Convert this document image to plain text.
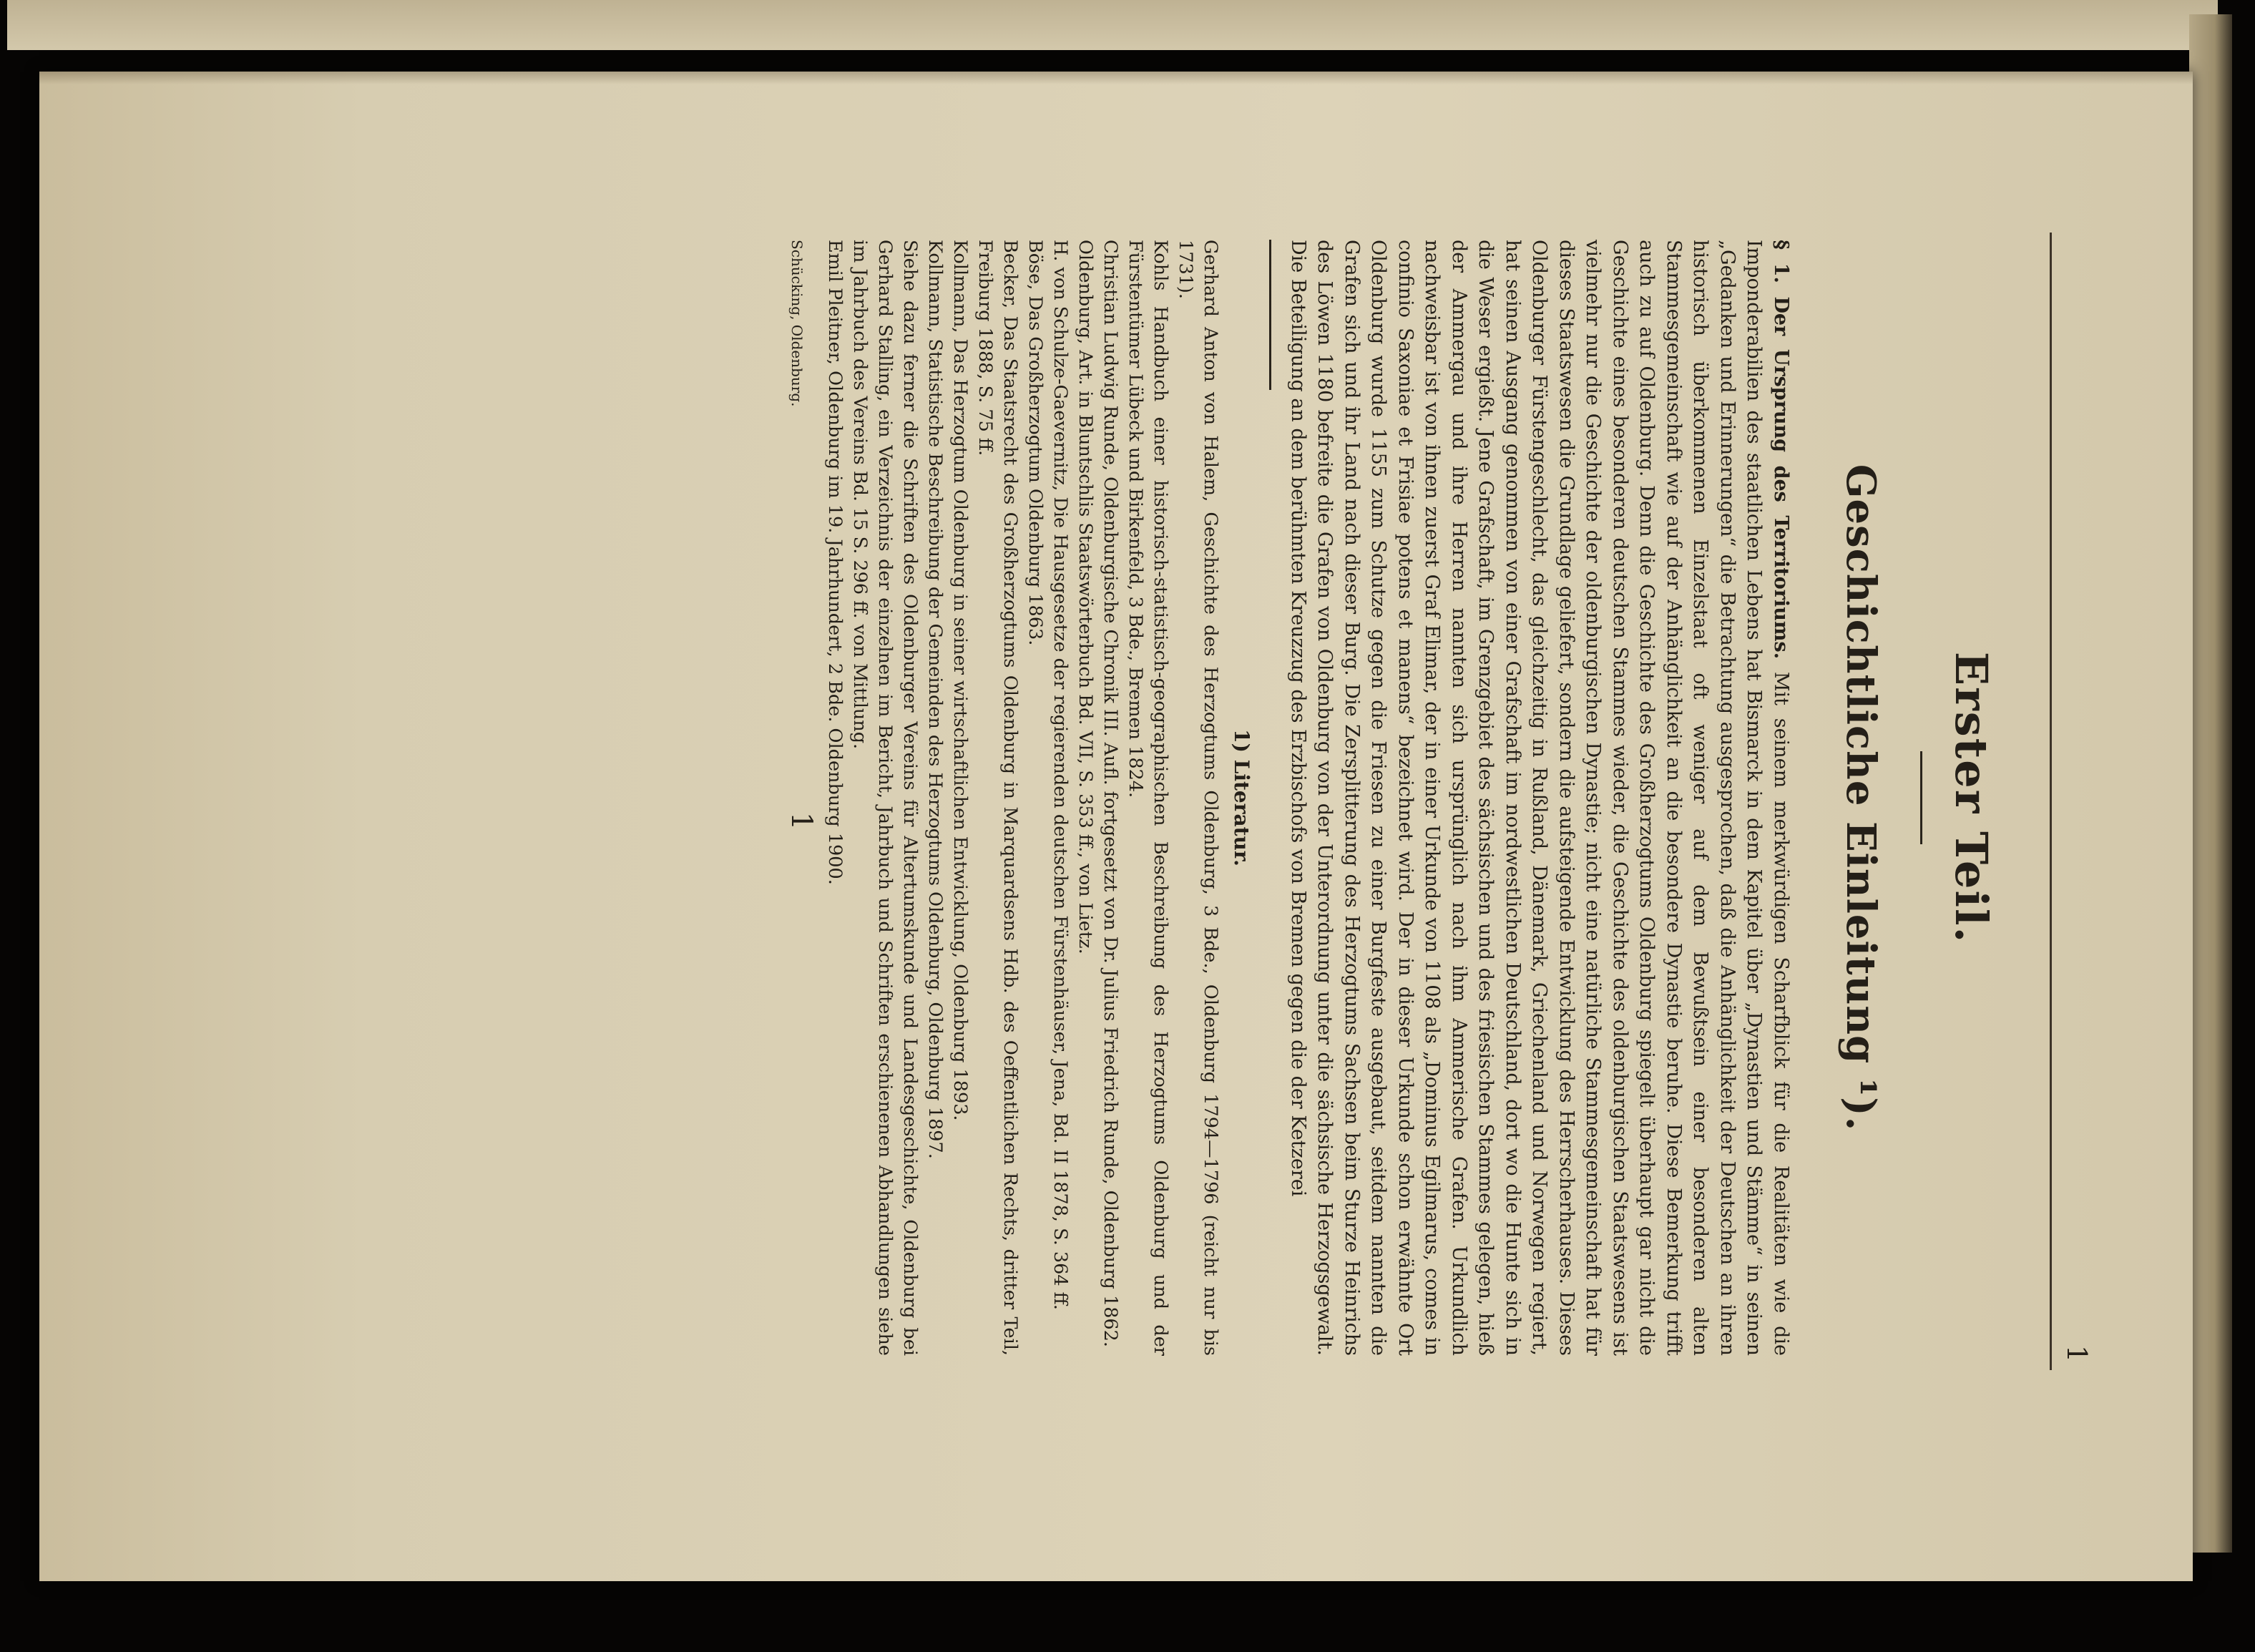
1
Erster Teil.
Geschichtliche Einleitung ¹).

§ 1. Der Ursprung des Territoriums. Mit seinem merkwürdigen Scharfblick für die Realitäten wie die Imponderabilien des staatlichen Lebens hat Bismarck in dem Kapitel über „Dynastien und Stämme“ in seinen „Gedanken und Erinnerungen“ die Betrachtung ausgesprochen, daß die Anhänglichkeit der Deutschen an ihren historisch überkommenen Einzelstaat oft weniger auf dem Bewußtsein einer besonderen alten Stammesgemeinschaft wie auf der Anhänglichkeit an die besondere Dynastie beruhe. Diese Bemerkung trifft auch zu auf Oldenburg. Denn die Geschichte des Großherzogtums Oldenburg spiegelt überhaupt gar nicht die Geschichte eines besonderen deutschen Stammes wieder, die Geschichte des oldenburgischen Staatswesens ist vielmehr nur die Geschichte der oldenburgischen Dynastie; nicht eine natürliche Stammesgemeinschaft hat für dieses Staatswesen die Grundlage geliefert, sondern die aufsteigende Entwicklung des Herrscherhauses. Dieses Oldenburger Fürstengeschlecht, das gleichzeitig in Rußland, Dänemark, Griechenland und Norwegen regiert, hat seinen Ausgang genommen von einer Grafschaft im nordwestlichen Deutschland, dort wo die Hunte sich in die Weser ergießt. Jene Grafschaft, im Grenzgebiet des sächsischen und des friesischen Stammes gelegen, hieß der Ammergau und ihre Herren nannten sich ursprünglich nach ihm Ammerische Grafen. Urkundlich nachweisbar ist von ihnen zuerst Graf Elimar, der in einer Urkunde von 1108 als „Dominus Egilmarus, comes in confinio Saxoniae et Frisiae potens et manens“ bezeichnet wird. Der in dieser Urkunde schon erwähnte Ort Oldenburg wurde 1155 zum Schutze gegen die Friesen zu einer Burgfeste ausgebaut, seitdem nannten die Grafen sich und ihr Land nach dieser Burg. Die Zersplitterung des Herzogtums Sachsen beim Sturze Heinrichs des Löwen 1180 befreite die Grafen von Oldenburg von der Unterordnung unter die sächsische Herzogsgewalt. Die Beteiligung an dem berühmten Kreuzzug des Erzbischofs von Bremen gegen die der Ketzerei

1) Literatur.

Gerhard Anton von Halem, Geschichte des Herzogtums Oldenburg, 3 Bde., Oldenburg 1794—1796 (reicht nur bis 1731).

Kohls Handbuch einer historisch-statistisch-geographischen Beschreibung des Herzogtums Oldenburg und der Fürstentümer Lübeck und Birkenfeld, 3 Bde., Bremen 1824.

Christian Ludwig Runde, Oldenburgische Chronik III. Aufl. fortgesetzt von Dr. Julius Friedrich Runde, Oldenburg 1862.

Oldenburg, Art. in Bluntschlis Staatswörterbuch Bd. VII, S. 353 ff., von Lietz.

H. von Schulze-Gaevernitz, Die Hausgesetze der regierenden deutschen Fürstenhäuser, Jena, Bd. II 1878, S. 364 ff.

Böse, Das Großherzogtum Oldenburg 1863.

Becker, Das Staatsrecht des Großherzogtums Oldenburg in Marquardsens Hdb. des Oeffentlichen Rechts, dritter Teil, Freiburg 1888, S. 75 ff.

Kollmann, Das Herzogtum Oldenburg in seiner wirtschaftlichen Entwicklung, Oldenburg 1893.

Kollmann, Statistische Beschreibung der Gemeinden des Herzogtums Oldenburg, Oldenburg 1897.

Siehe dazu ferner die Schriften des Oldenburger Vereins für Altertumskunde und Landesgeschichte, Oldenburg bei Gerhard Stalling, ein Verzeichnis der einzelnen im Bericht, Jahrbuch und Schriften erschienenen Abhandlungen siehe im Jahrbuch des Vereins Bd. 15 S. 296 ff. von Mittlung.

Emil Pleitner, Oldenburg im 19. Jahrhundert, 2 Bde. Oldenburg 1900.

Schücking, Oldenburg. 1
